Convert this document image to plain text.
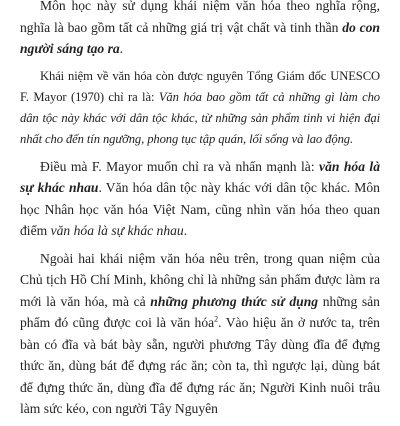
Môn học này sử dụng khái niệm văn hóa theo nghĩa rộng, nghĩa là bao gồm tất cả những giá trị vật chất và tinh thần do con người sáng tạo ra.

Khái niệm về văn hóa còn được nguyên Tổng Giám đốc UNESCO F. Mayor (1970) chỉ ra là: Văn hóa bao gồm tất cả những gì làm cho dân tộc này khác với dân tộc khác, từ những sản phẩm tinh vi hiện đại nhất cho đến tín ngưỡng, phong tục tập quán, lối sống và lao động.

Điều mà F. Mayor muốn chỉ ra và nhấn mạnh là: văn hóa là sự khác nhau. Văn hóa dân tộc này khác với dân tộc khác. Môn học Nhân học văn hóa Việt Nam, cũng nhìn văn hóa theo quan điểm văn hóa là sự khác nhau.

Ngoài hai khái niệm văn hóa nêu trên, trong quan niệm của Chủ tịch Hồ Chí Minh, không chỉ là những sản phẩm được làm ra mới là văn hóa, mà cả những phương thức sử dụng những sản phẩm đó cũng được coi là văn hóa$^2$. Vào hiệu ăn ở nước ta, trên bàn có đĩa và bát bày sẵn, người phương Tây dùng đĩa để đựng thức ăn, dùng bát để đựng rác ăn; còn ta, thì ngược lại, dùng bát để đựng thức ăn, dùng đĩa để đựng rác ăn; Người Kinh nuôi trâu làm sức kéo, con người Tây Nguyên
